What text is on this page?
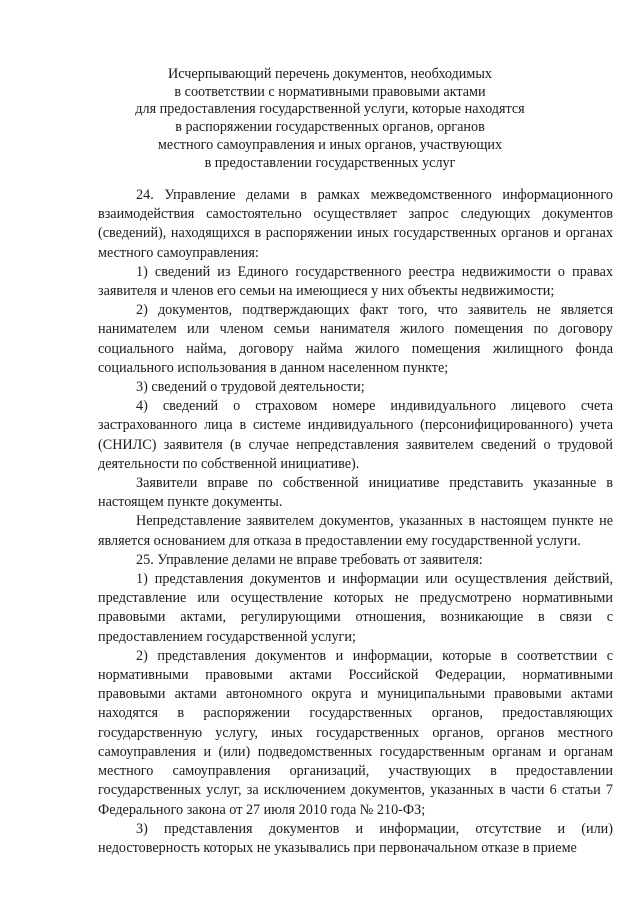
Исчерпывающий перечень документов, необходимых
в соответствии с нормативными правовыми актами
для предоставления государственной услуги, которые находятся
в распоряжении государственных органов, органов
местного самоуправления и иных органов, участвующих
в предоставлении государственных услуг

24. Управление делами в рамках межведомственного информационного взаимодействия самостоятельно осуществляет запрос следующих документов (сведений), находящихся в распоряжении иных государственных органов и органах местного самоуправления:

1) сведений из Единого государственного реестра недвижимости о правах заявителя и членов его семьи на имеющиеся у них объекты недвижимости;

2) документов, подтверждающих факт того, что заявитель не является нанимателем или членом семьи нанимателя жилого помещения по договору социального найма, договору найма жилого помещения жилищного фонда социального использования в данном населенном пункте;

3) сведений о трудовой деятельности;

4) сведений о страховом номере индивидуального лицевого счета застрахованного лица в системе индивидуального (персонифицированного) учета (СНИЛС) заявителя (в случае непредставления заявителем сведений о трудовой деятельности по собственной инициативе).

Заявители вправе по собственной инициативе представить указанные в настоящем пункте документы.

Непредставление заявителем документов, указанных в настоящем пункте не является основанием для отказа в предоставлении ему государственной услуги.

25. Управление делами не вправе требовать от заявителя:

1) представления документов и информации или осуществления действий, представление или осуществление которых не предусмотрено нормативными правовыми актами, регулирующими отношения, возникающие в связи с предоставлением государственной услуги;

2) представления документов и информации, которые в соответствии с нормативными правовыми актами Российской Федерации, нормативными правовыми актами автономного округа и муниципальными правовыми актами находятся в распоряжении государственных органов, предоставляющих государственную услугу, иных государственных органов, органов местного самоуправления и (или) подведомственных государственным органам и органам местного самоуправления организаций, участвующих в предоставлении государственных услуг, за исключением документов, указанных в части 6 статьи 7 Федерального закона от 27 июля 2010 года № 210-ФЗ;

3) представления документов и информации, отсутствие и (или) недостоверность которых не указывались при первоначальном отказе в приеме
